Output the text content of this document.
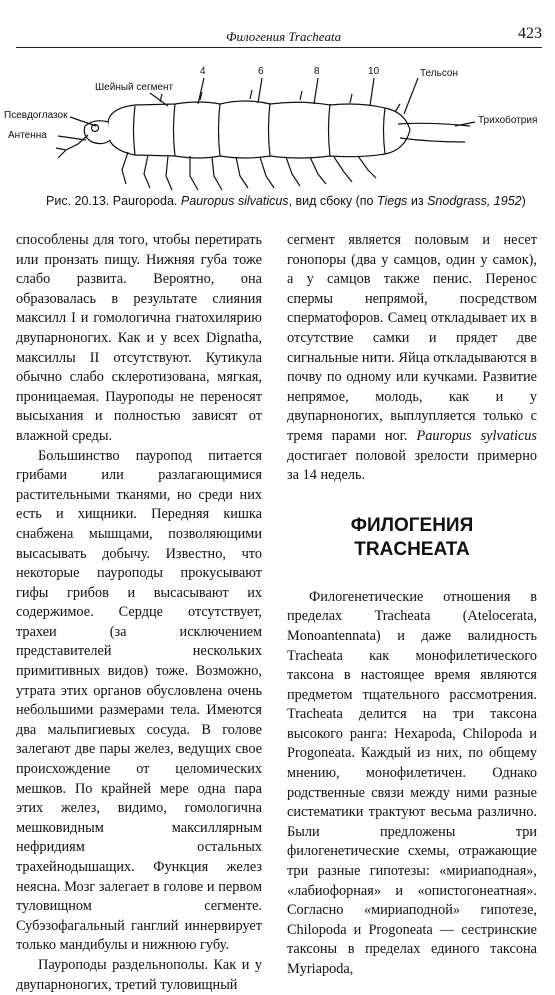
Филогения Tracheata	423
Шейный сегмент
Псевдоглазок
Антенна
4	6	8	10	Тельсон
Трихоботрия
Рис. 20.13. Pauropoda. Pauropus silvaticus, вид сбоку (по Tiegs из Snodgrass, 1952)

способлены для того, чтобы перетирать или пронзать пищу. Нижняя губа тоже слабо развита. Вероятно, она образовалась в результате слияния максилл I и гомологична гнатохилярию двупарноногих. Как и у всех Dignatha, максиллы II отсутствуют. Кутикула обычно слабо склеротизована, мягкая, проницаемая. Пауроподы не переносят высыхания и полностью зависят от влажной среды.

Большинство пауропод питается грибами или разлагающимися растительными тканями, но среди них есть и хищники. Передняя кишка снабжена мышцами, позволяющими высасывать добычу. Известно, что некоторые пауроподы прокусывают гифы грибов и высасывают их содержимое. Сердце отсутствует, трахеи (за исключением представителей нескольких примитивных видов) тоже. Возможно, утрата этих органов обусловлена очень небольшими размерами тела. Имеются два мальпигиевых сосуда. В голове залегают две пары желез, ведущих свое происхождение от целомических мешков. По крайней мере одна пара этих желез, видимо, гомологична мешковидным максиллярным нефридиям остальных трахейнодышащих. Функция желез неясна. Мозг залегает в голове и первом туловищном сегменте. Субэзофагальный ганглий иннервирует только мандибулы и нижнюю губу.

Пауроподы раздельнополы. Как и у двупарноногих, третий туловищный

сегмент является половым и несет гонопоры (два у самцов, один у самок), а у самцов также пенис. Перенос спермы непрямой, посредством сперматофоров. Самец откладывает их в отсутствие самки и прядет две сигнальные нити. Яйца откладываются в почву по одному или кучками. Развитие непрямое, молодь, как и у двупарноногих, выплупляется только с тремя парами ног. Pauropus sylvaticus достигает половой зрелости примерно за 14 недель.

ФИЛОГЕНИЯ
TRACHEATA

Филогенетические отношения в пределах Tracheata (Atelocerata, Monoantennata) и даже валидность Tracheata как монофилетического таксона в настоящее время являются предметом тщательного рассмотрения. Tracheata делится на три таксона высокого ранга: Hexapoda, Chilopoda и Progoneata. Каждый из них, по общему мнению, монофилетичен. Однако родственные связи между ними разные систематики трактуют весьма различно. Были предложены три филогенетические схемы, отражающие три разные гипотезы: «мириаподная», «лабиофорная» и «опистогонеатная». Согласно «мириаподной» гипотезе, Chilopoda и Progoneata — сестринские таксоны в пределах единого таксона Myriapoda,
